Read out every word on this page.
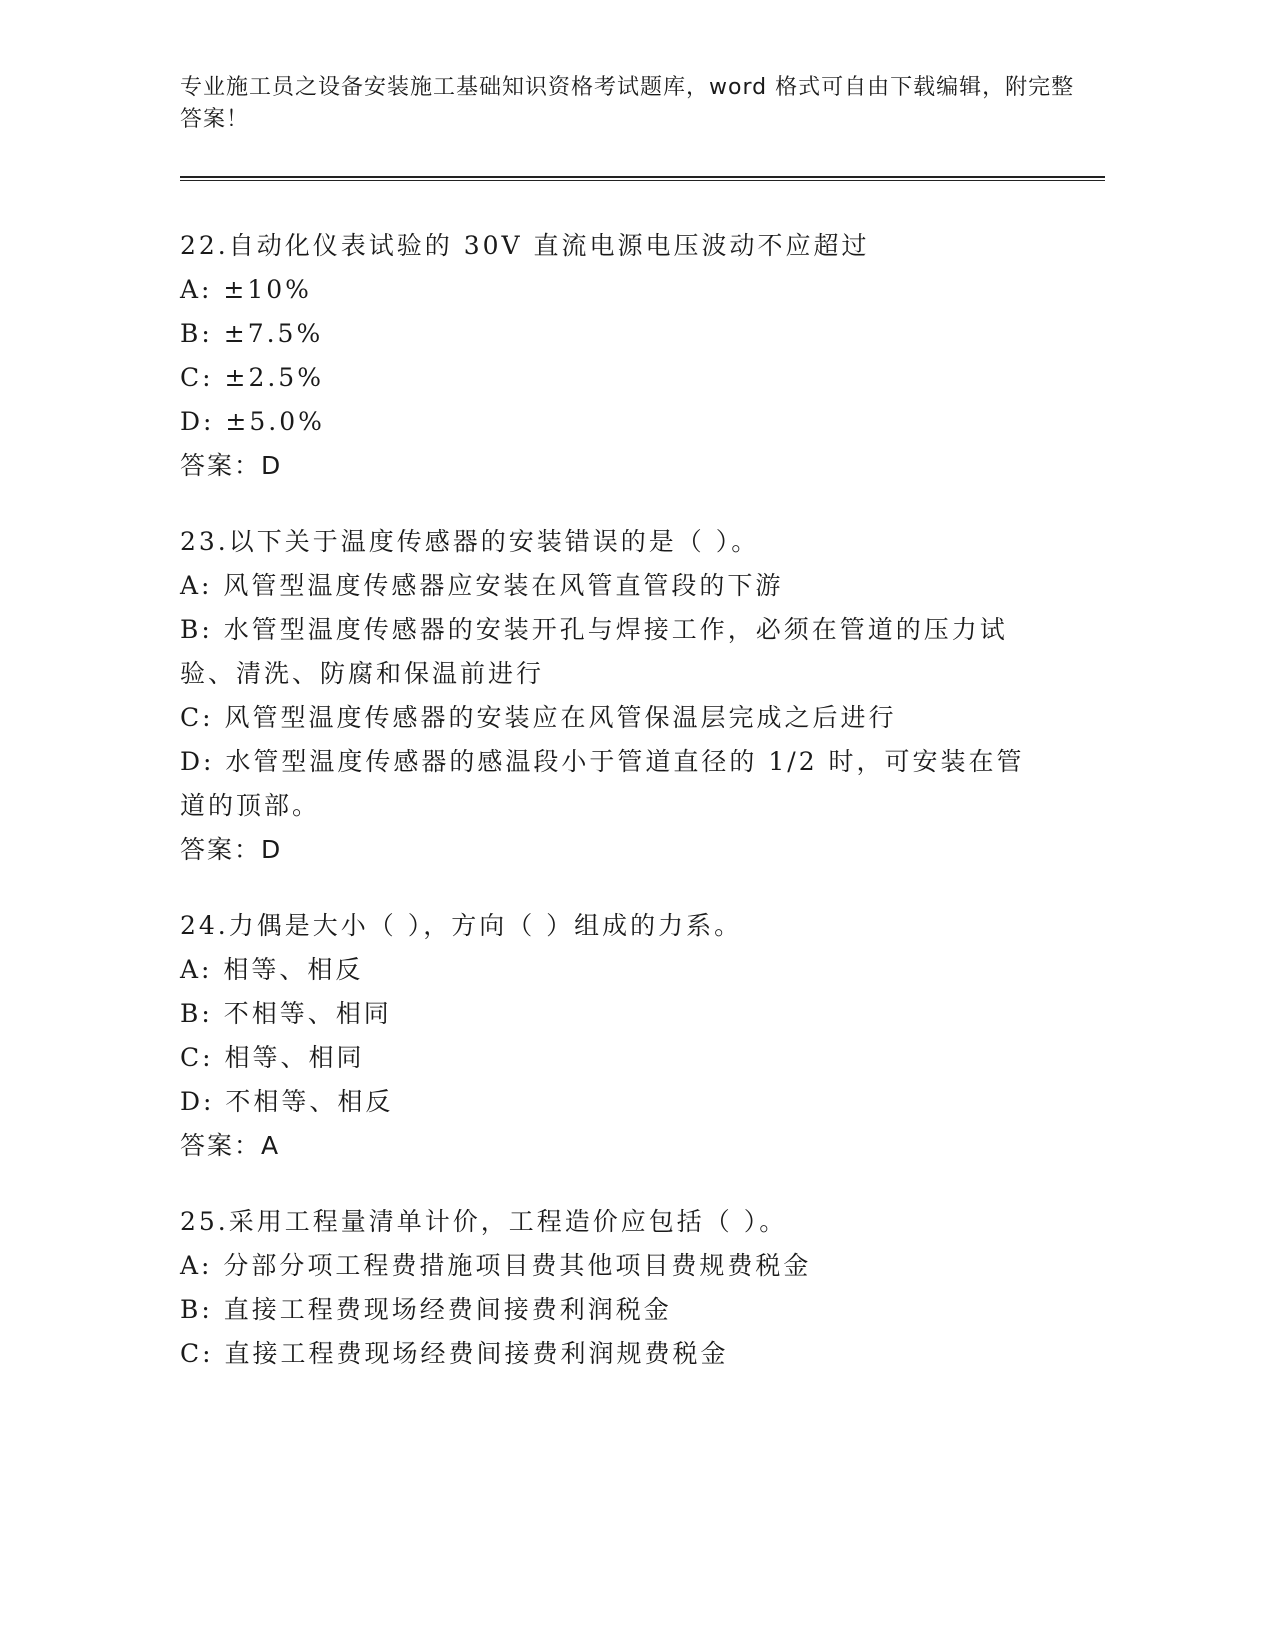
专业施工员之设备安装施工基础知识资格考试题库，word 格式可自由下载编辑，附完整答案！
22.自动化仪表试验的 30V 直流电源电压波动不应超过
A: ±10%
B: ±7.5%
C: ±2.5%
D: ±5.0%
答案：D
23.以下关于温度传感器的安装错误的是（ ）。
A: 风管型温度传感器应安装在风管直管段的下游
B: 水管型温度传感器的安装开孔与焊接工作，必须在管道的压力试验、清洗、防腐和保温前进行
C: 风管型温度传感器的安装应在风管保温层完成之后进行
D: 水管型温度传感器的感温段小于管道直径的 1/2 时，可安装在管道的顶部。
答案：D
24.力偶是大小（ ），方向（ ）组成的力系。
A: 相等、相反
B: 不相等、相同
C: 相等、相同
D: 不相等、相反
答案：A
25.采用工程量清单计价，工程造价应包括（ ）。
A: 分部分项工程费措施项目费其他项目费规费税金
B: 直接工程费现场经费间接费利润税金
C: 直接工程费现场经费间接费利润规费税金
